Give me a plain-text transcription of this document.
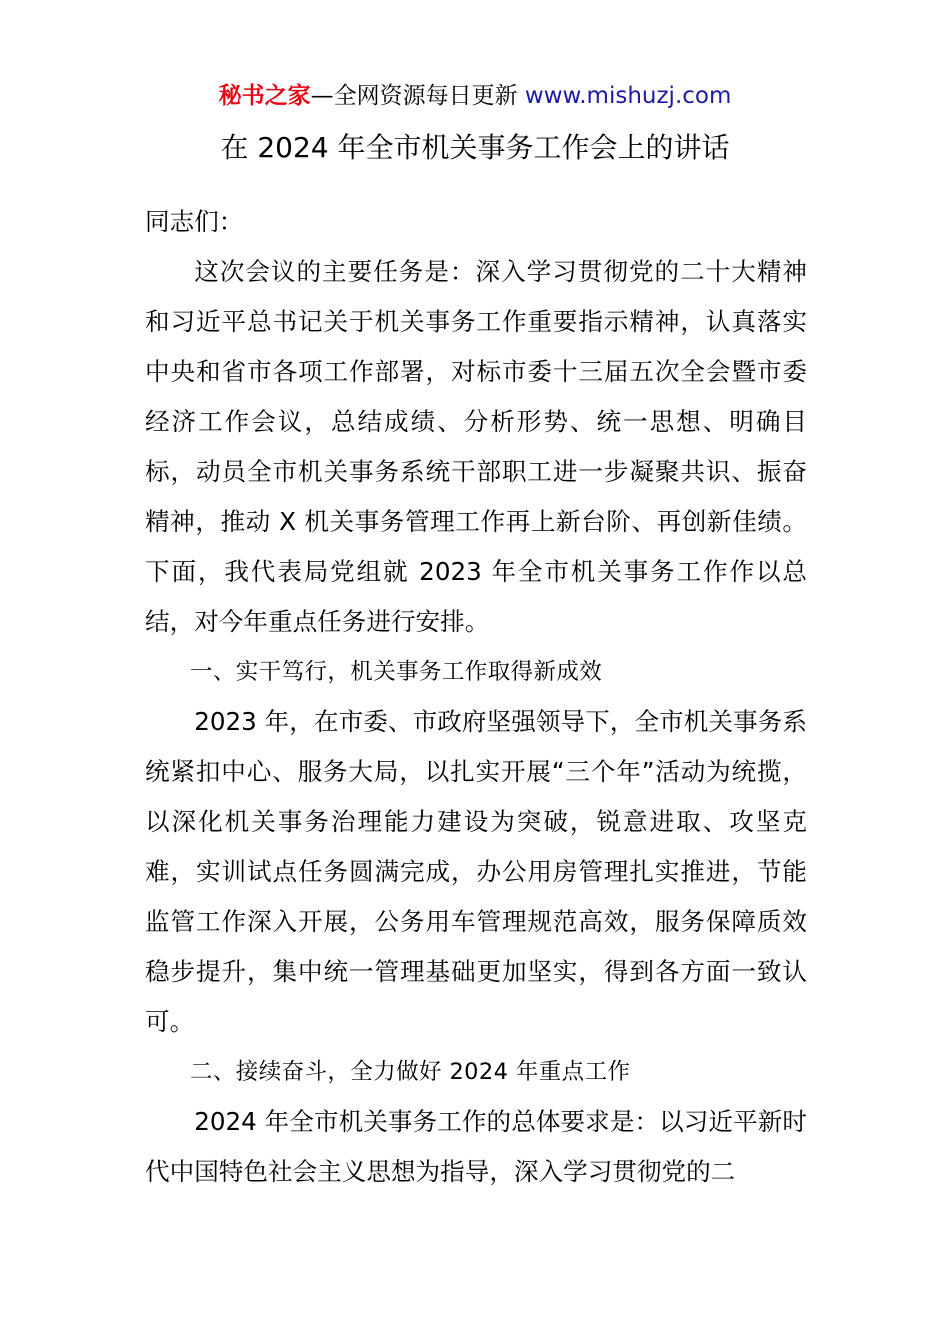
秘书之家—全网资源每日更新 www.mishuzj.com
在 2024 年全市机关事务工作会上的讲话

同志们：

这次会议的主要任务是：深入学习贯彻党的二十大精神和习近平总书记关于机关事务工作重要指示精神，认真落实中央和省市各项工作部署，对标市委十三届五次全会暨市委经济工作会议，总结成绩、分析形势、统一思想、明确目标，动员全市机关事务系统干部职工进一步凝聚共识、振奋精神，推动 X 机关事务管理工作再上新台阶、再创新佳绩。下面，我代表局党组就 2023 年全市机关事务工作作以总结，对今年重点任务进行安排。

一、实干笃行，机关事务工作取得新成效

2023 年，在市委、市政府坚强领导下，全市机关事务系统紧扣中心、服务大局，以扎实开展“三个年”活动为统揽，以深化机关事务治理能力建设为突破，锐意进取、攻坚克难，实训试点任务圆满完成，办公用房管理扎实推进，节能监管工作深入开展，公务用车管理规范高效，服务保障质效稳步提升，集中统一管理基础更加坚实，得到各方面一致认可。

二、接续奋斗，全力做好 2024 年重点工作

2024 年全市机关事务工作的总体要求是：以习近平新时代中国特色社会主义思想为指导，深入学习贯彻党的二
